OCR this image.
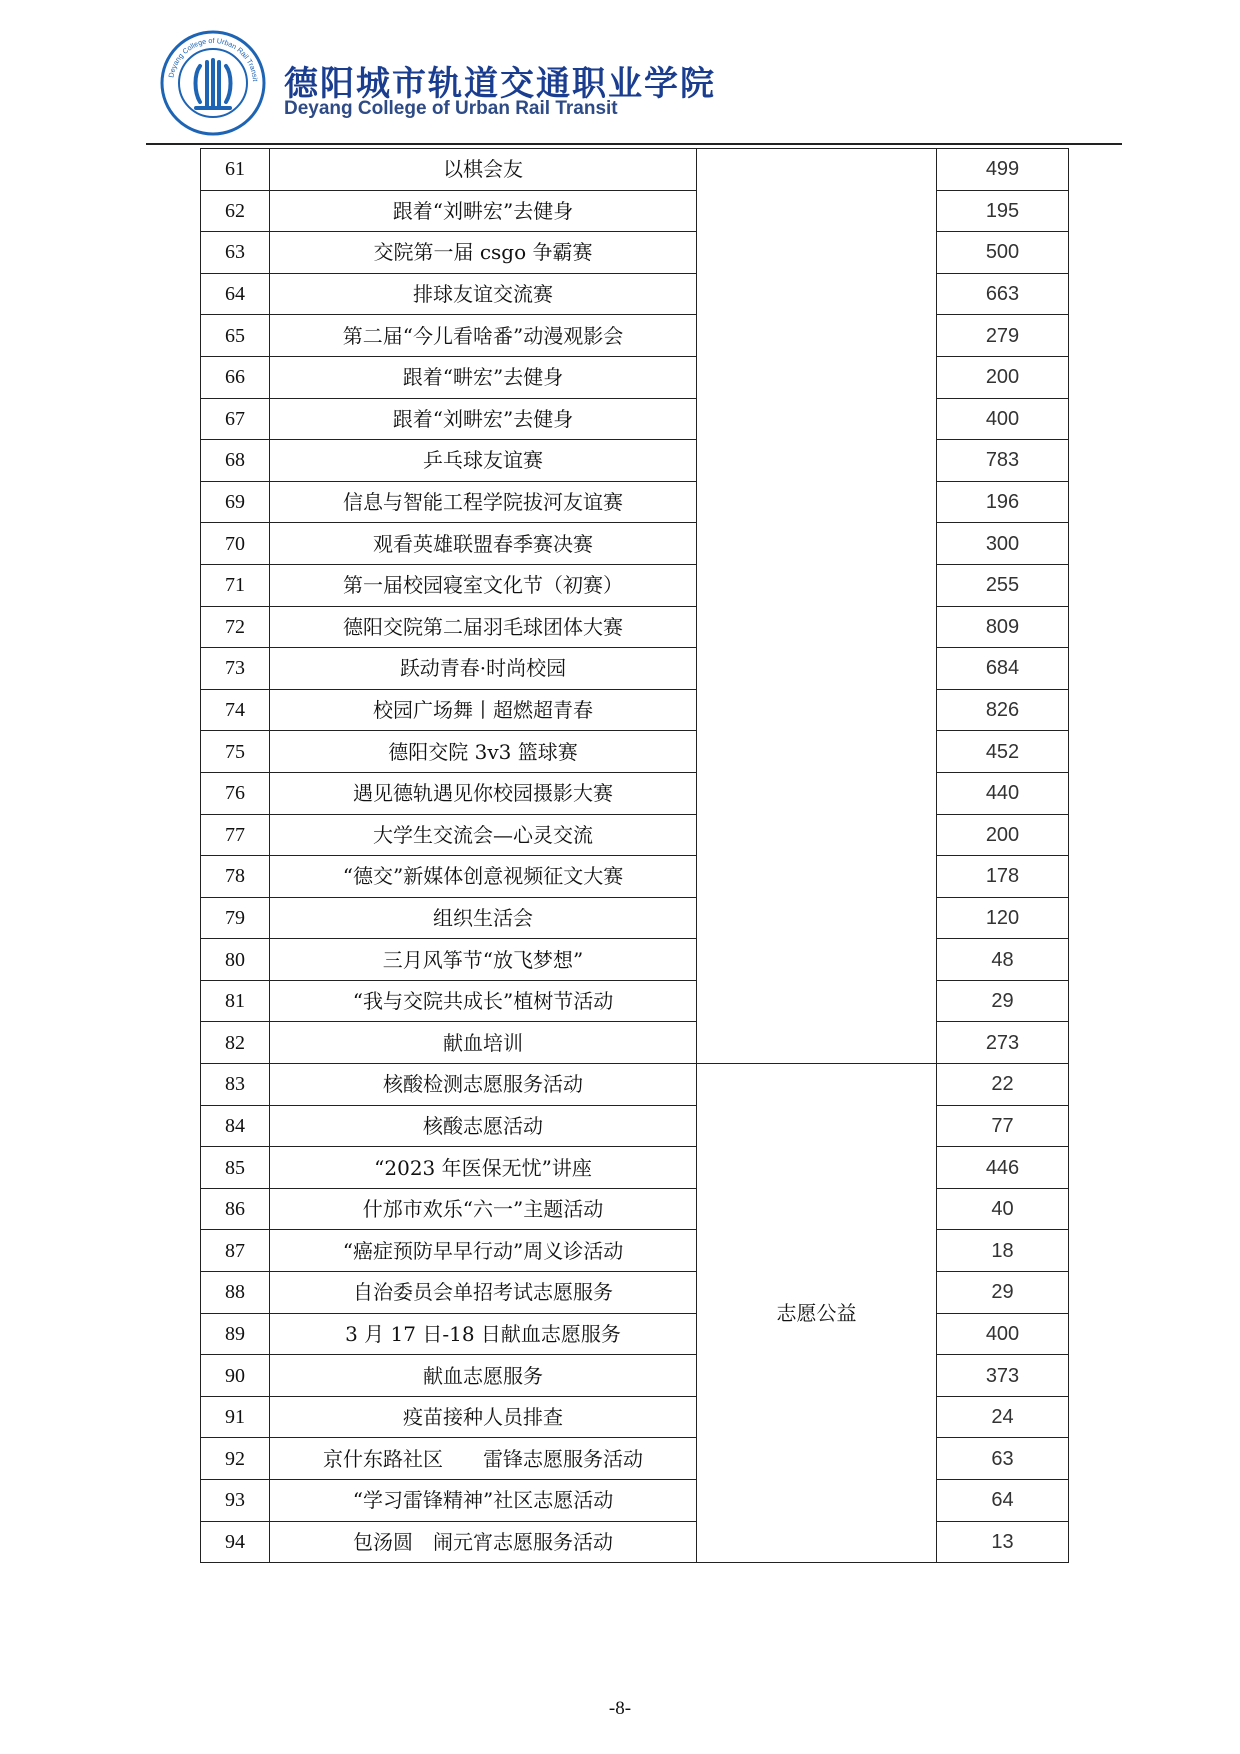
Deyang College of Urban Rail Transit 德阳城市轨道交通职业学院
Deyang College of Urban Rail Transit
61	以棋会友		499
62	跟着“刘畊宏”去健身		195
63	交院第一届 csgo 争霸赛		500
64	排球友谊交流赛		663
65	第二届“今儿看啥番”动漫观影会		279
66	跟着“畊宏”去健身		200
67	跟着“刘畊宏”去健身		400
68	乒乓球友谊赛		783
69	信息与智能工程学院拔河友谊赛		196
70	观看英雄联盟春季赛决赛		300
71	第一届校园寝室文化节（初赛）		255
72	德阳交院第二届羽毛球团体大赛		809
73	跃动青春·时尚校园		684
74	校园广场舞丨超燃超青春		826
75	德阳交院 3v3 篮球赛		452
76	遇见德轨遇见你校园摄影大赛		440
77	大学生交流会—心灵交流		200
78	“德交”新媒体创意视频征文大赛		178
79	组织生活会		120
80	三月风筝节“放飞梦想”		48
81	“我与交院共成长”植树节活动		29
82	献血培训		273
83	核酸检测志愿服务活动	志愿公益	22
84	核酸志愿活动		77
85	“2023 年医保无忧”讲座		446
86	什邡市欢乐“六一”主题活动		40
87	“癌症预防早早行动”周义诊活动		18
88	自治委员会单招考试志愿服务		29
89	3 月 17 日-18 日献血志愿服务		400
90	献血志愿服务		373
91	疫苗接种人员排查		24
92	京什东路社区　　雷锋志愿服务活动		63
93	“学习雷锋精神”社区志愿活动		64
94	包汤圆　闹元宵志愿服务活动		13
-8-
